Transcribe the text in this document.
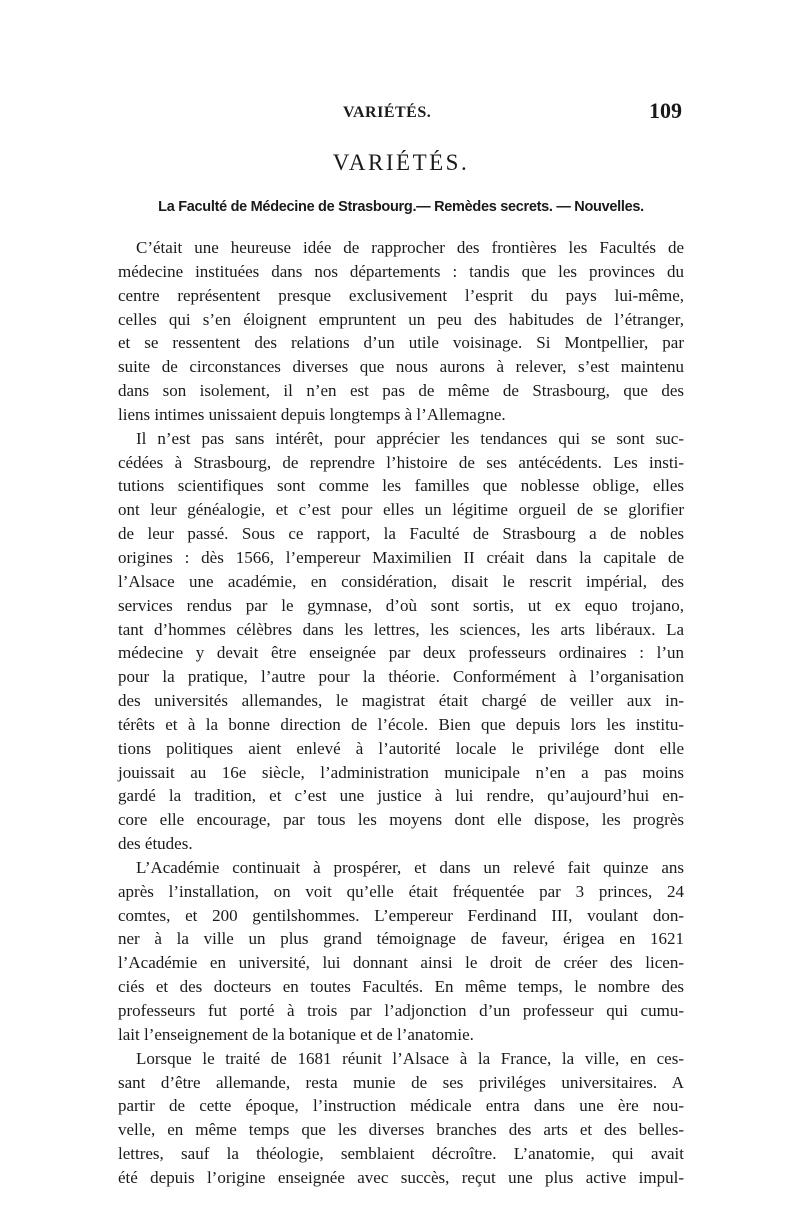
VARIÉTÉS.	109
VARIÉTÉS.
La Faculté de Médecine de Strasbourg.— Remèdes secrets. — Nouvelles.
C’était une heureuse idée de rapprocher des frontières les Facultés de
médecine instituées dans nos départements : tandis que les provinces du
centre représentent presque exclusivement l’esprit du pays lui-même,
celles qui s’en éloignent empruntent un peu des habitudes de l’étranger,
et se ressentent des relations d’un utile voisinage. Si Montpellier, par
suite de circonstances diverses que nous aurons à relever, s’est maintenu
dans son isolement, il n’en est pas de même de Strasbourg, que des
liens intimes unissaient depuis longtemps à l’Allemagne.
Il n’est pas sans intérêt, pour apprécier les tendances qui se sont suc-
cédées à Strasbourg, de reprendre l’histoire de ses antécédents. Les insti-
tutions scientifiques sont comme les familles que noblesse oblige, elles
ont leur généalogie, et c’est pour elles un légitime orgueil de se glorifier
de leur passé. Sous ce rapport, la Faculté de Strasbourg a de nobles
origines : dès 1566, l’empereur Maximilien II créait dans la capitale de
l’Alsace une académie, en considération, disait le rescrit impérial, des
services rendus par le gymnase, d’où sont sortis, ut ex equo trojano,
tant d’hommes célèbres dans les lettres, les sciences, les arts libéraux. La
médecine y devait être enseignée par deux professeurs ordinaires : l’un
pour la pratique, l’autre pour la théorie. Conformément à l’organisation
des universités allemandes, le magistrat était chargé de veiller aux in-
térêts et à la bonne direction de l’école. Bien que depuis lors les institu-
tions politiques aient enlevé à l’autorité locale le privilége dont elle
jouissait au 16e siècle, l’administration municipale n’en a pas moins
gardé la tradition, et c’est une justice à lui rendre, qu’aujourd’hui en-
core elle encourage, par tous les moyens dont elle dispose, les progrès
des études.
L’Académie continuait à prospérer, et dans un relevé fait quinze ans
après l’installation, on voit qu’elle était fréquentée par 3 princes, 24
comtes, et 200 gentilshommes. L’empereur Ferdinand III, voulant don-
ner à la ville un plus grand témoignage de faveur, érigea en 1621
l’Académie en université, lui donnant ainsi le droit de créer des licen-
ciés et des docteurs en toutes Facultés. En même temps, le nombre des
professeurs fut porté à trois par l’adjonction d’un professeur qui cumu-
lait l’enseignement de la botanique et de l’anatomie.
Lorsque le traité de 1681 réunit l’Alsace à la France, la ville, en ces-
sant d’être allemande, resta munie de ses priviléges universitaires. A
partir de cette époque, l’instruction médicale entra dans une ère nou-
velle, en même temps que les diverses branches des arts et des belles-
lettres, sauf la théologie, semblaient décroître. L’anatomie, qui avait
été depuis l’origine enseignée avec succès, reçut une plus active impul-
